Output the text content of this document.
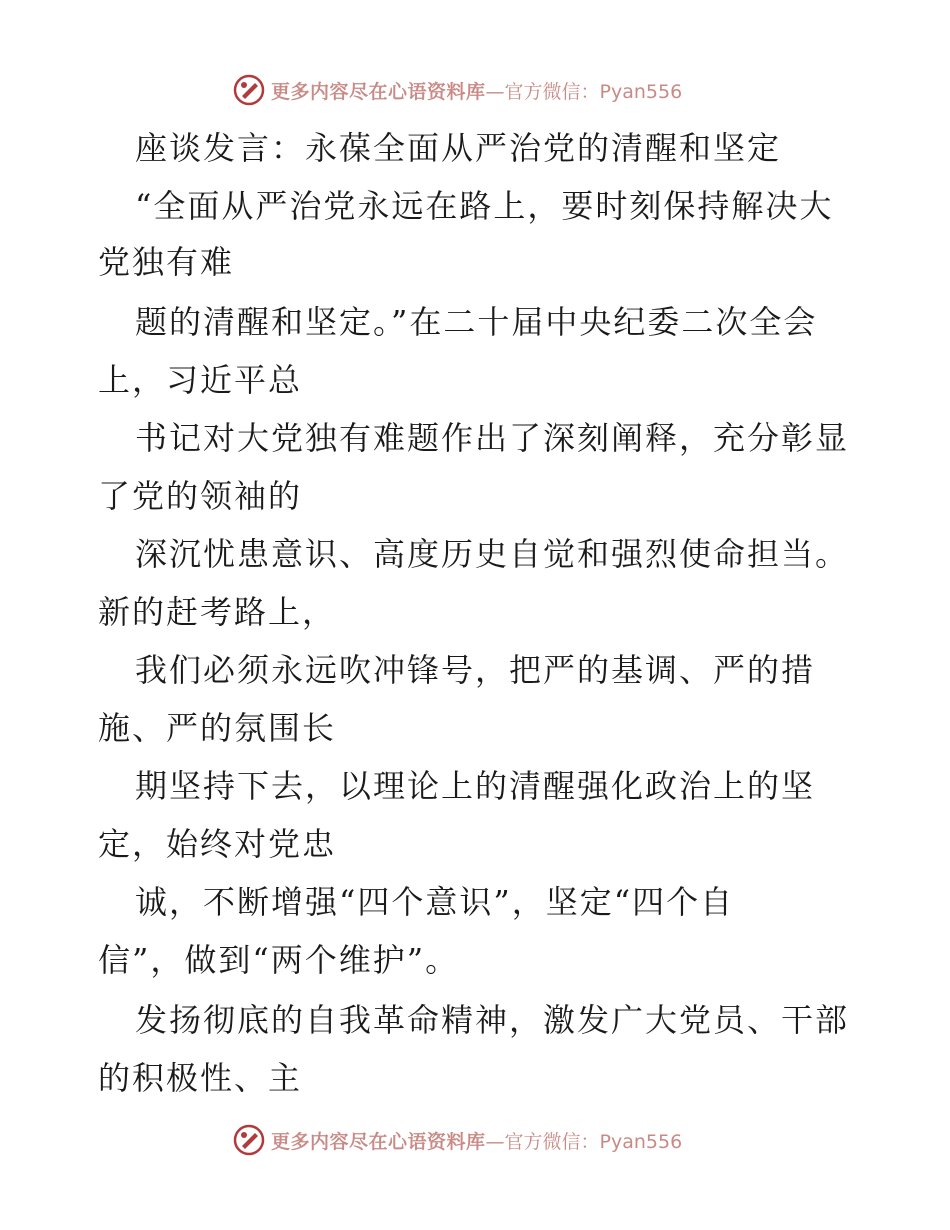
更多内容尽在心语资料库 —官方微信：Pyan556
座谈发言：永葆全面从严治党的清醒和坚定
“全面从严治党永远在路上，要时刻保持解决大
党独有难
题的清醒和坚定。”在二十届中央纪委二次全会
上，习近平总
书记对大党独有难题作出了深刻阐释，充分彰显
了党的领袖的
深沉忧患意识、高度历史自觉和强烈使命担当。
新的赶考路上，
我们必须永远吹冲锋号，把严的基调、严的措
施、严的氛围长
期坚持下去，以理论上的清醒强化政治上的坚
定，始终对党忠
诚，不断增强“四个意识”，坚定“四个自
信”，做到“两个维护”。
发扬彻底的自我革命精神，激发广大党员、干部
的积极性、主
更多内容尽在心语资料库 —官方微信：Pyan556
